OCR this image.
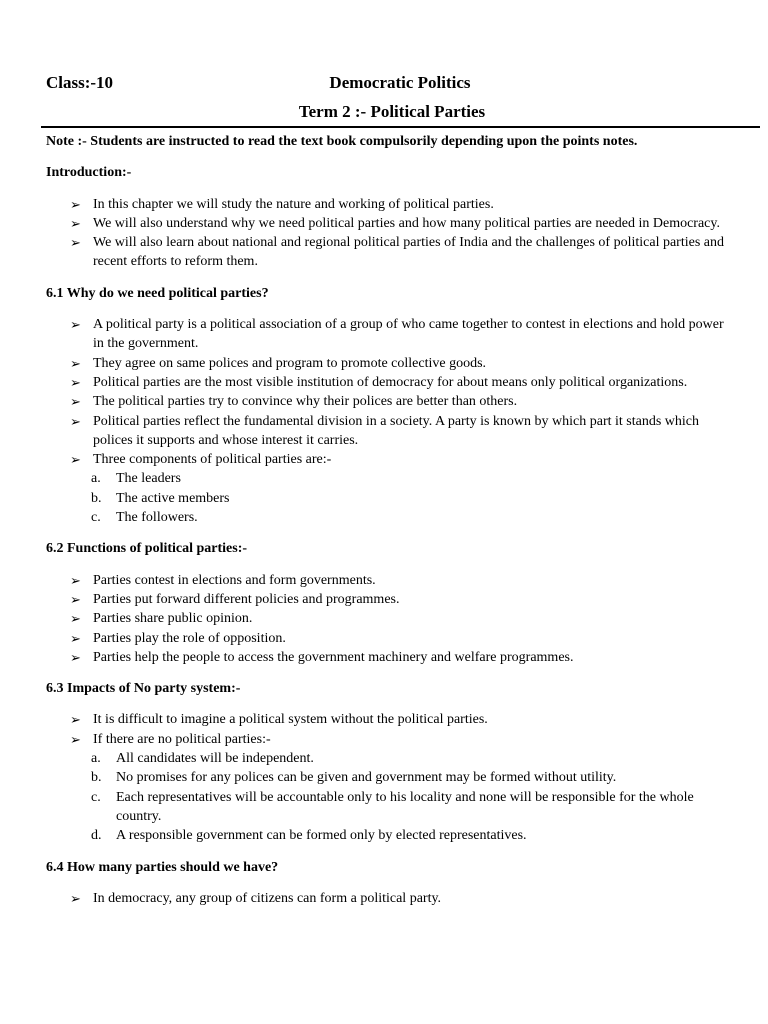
Class:-10	Democratic Politics
Term 2 :- Political Parties

Note :- Students are instructed to read the text book compulsorily depending upon the points notes.

Introduction:-
➢ In this chapter we will study the nature and working of political parties.
➢ We will also understand why we need political parties and how many political parties are needed in Democracy.
➢ We will also learn about national and regional political parties of India and the challenges of political parties and recent efforts to reform them.
6.1 Why do we need political parties?
➢ A political party is a political association of a group of who came together to contest in elections and hold power in the government.
➢ They agree on same polices and program to promote collective goods.
➢ Political parties are the most visible institution of democracy for about means only political organizations.
➢ The political parties try to convince why their polices are better than others.
➢ Political parties reflect the fundamental division in a society. A party is known by which part it stands which polices it supports and whose interest it carries.
➢ Three components of political parties are:-
a. The leaders
b. The active members
c. The followers.
6.2 Functions of political parties:-
➢ Parties contest in elections and form governments.
➢ Parties put forward different policies and programmes.
➢ Parties share public opinion.
➢ Parties play the role of opposition.
➢ Parties help the people to access the government machinery and welfare programmes.
6.3 Impacts of No party system:-
➢ It is difficult to imagine a political system without the political parties.
➢ If there are no political parties:-
a. All candidates will be independent.
b. No promises for any polices can be given and government may be formed without utility.
c. Each representatives will be accountable only to his locality and none will be responsible for the whole country.
d. A responsible government can be formed only by elected representatives.
6.4 How many parties should we have?
➢ In democracy, any group of citizens can form a political party.
